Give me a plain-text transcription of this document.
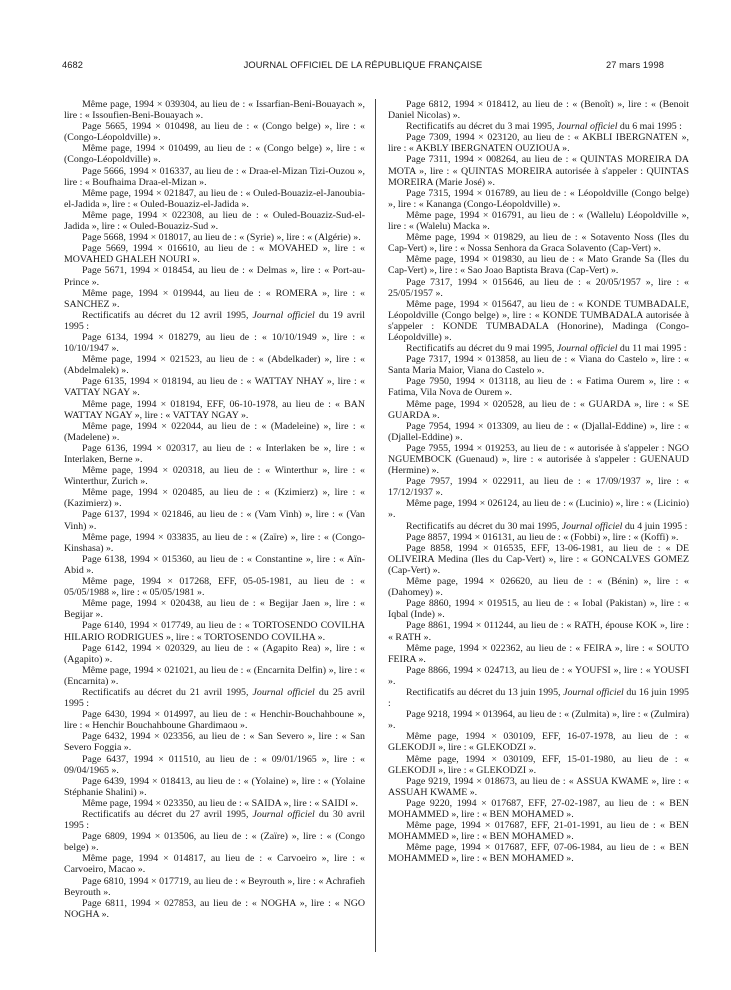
4682	JOURNAL OFFICIEL DE LA RÉPUBLIQUE FRANÇAISE	27 mars 1998

Même page, 1994 × 039304, au lieu de : « Issarfian-Beni-Bouayach », lire : « Issoufien-Beni-Bouayach ».

Page 5665, 1994 × 010498, au lieu de : « (Congo belge) », lire : « (Congo-Léopoldville) ».

Même page, 1994 × 010499, au lieu de : « (Congo belge) », lire : « (Congo-Léopoldville) ».

Page 5666, 1994 × 016337, au lieu de : « Draa-el-Mizan Tizi-Ouzou », lire : « Boufhaima Draa-el-Mizan ».

Même page, 1994 × 021847, au lieu de : « Ouled-Bouaziz-el-Janoubia-el-Jadida », lire : « Ouled-Bouaziz-el-Jadida ».

Même page, 1994 × 022308, au lieu de : « Ouled-Bouaziz-Sud-el-Jadida », lire : « Ouled-Bouaziz-Sud ».

Page 5668, 1994 × 018017, au lieu de : « (Syrie) », lire : « (Algérie) ».

Page 5669, 1994 × 016610, au lieu de : « MOVAHED », lire : « MOVAHED GHALEH NOURI ».

Page 5671, 1994 × 018454, au lieu de : « Delmas », lire : « Port-au-Prince ».

Même page, 1994 × 019944, au lieu de : « ROMERA », lire : « SANCHEZ ».

Rectificatifs au décret du 12 avril 1995, Journal officiel du 19 avril 1995 :

Page 6134, 1994 × 018279, au lieu de : « 10/10/1949 », lire : « 10/10/1947 ».

Même page, 1994 × 021523, au lieu de : « (Abdelkader) », lire : « (Abdelmalek) ».

Page 6135, 1994 × 018194, au lieu de : « WATTAY NHAY », lire : « VATTAY NGAY ».

Même page, 1994 × 018194, EFF, 06-10-1978, au lieu de : « BAN WATTAY NGAY », lire : « VATTAY NGAY ».

Même page, 1994 × 022044, au lieu de : « (Madeleine) », lire : « (Madelene) ».

Page 6136, 1994 × 020317, au lieu de : « Interlaken be », lire : « Interlaken, Berne ».

Même page, 1994 × 020318, au lieu de : « Winterthur », lire : « Winterthur, Zurich ».

Même page, 1994 × 020485, au lieu de : « (Kzimierz) », lire : « (Kazimierz) ».

Page 6137, 1994 × 021846, au lieu de : « (Vam Vinh) », lire : « (Van Vinh) ».

Même page, 1994 × 033835, au lieu de : « (Zaïre) », lire : « (Congo-Kinshasa) ».

Page 6138, 1994 × 015360, au lieu de : « Constantine », lire : « Aïn-Abid ».

Même page, 1994 × 017268, EFF, 05-05-1981, au lieu de : « 05/05/1988 », lire : « 05/05/1981 ».

Même page, 1994 × 020438, au lieu de : « Begijar Jaen », lire : « Begijar ».

Page 6140, 1994 × 017749, au lieu de : « TORTOSENDO COVILHA HILARIO RODRIGUES », lire : « TORTOSENDO COVILHA ».

Page 6142, 1994 × 020329, au lieu de : « (Agapito Rea) », lire : « (Agapito) ».

Même page, 1994 × 021021, au lieu de : « (Encarnita Delfin) », lire : « (Encarnita) ».

Rectificatifs au décret du 21 avril 1995, Journal officiel du 25 avril 1995 :

Page 6430, 1994 × 014997, au lieu de : « Henchir-Bouchahboune », lire : « Henchir Bouchahboune Ghardimaou ».

Page 6432, 1994 × 023356, au lieu de : « San Severo », lire : « San Severo Foggia ».

Page 6437, 1994 × 011510, au lieu de : « 09/01/1965 », lire : « 09/04/1965 ».

Page 6439, 1994 × 018413, au lieu de : « (Yolaine) », lire : « (Yolaine Stéphanie Shalini) ».

Même page, 1994 × 023350, au lieu de : « SAIDA », lire : « SAIDI ».

Rectificatifs au décret du 27 avril 1995, Journal officiel du 30 avril 1995 :

Page 6809, 1994 × 013506, au lieu de : « (Zaïre) », lire : « (Congo belge) ».

Même page, 1994 × 014817, au lieu de : « Carvoeiro », lire : « Carvoeiro, Macao ».

Page 6810, 1994 × 017719, au lieu de : « Beyrouth », lire : « Achrafieh Beyrouth ».

Page 6811, 1994 × 027853, au lieu de : « NOGHA », lire : « NGO NOGHA ».

Page 6812, 1994 × 018412, au lieu de : « (Benoît) », lire : « (Benoit Daniel Nicolas) ».

Rectificatifs au décret du 3 mai 1995, Journal officiel du 6 mai 1995 :

Page 7309, 1994 × 023120, au lieu de : « AKBLI IBERGNATEN », lire : « AKBLY IBERGNATEN OUZIOUA ».

Page 7311, 1994 × 008264, au lieu de : « QUINTAS MOREIRA DA MOTA », lire : « QUINTAS MOREIRA autorisée à s'appeler : QUINTAS MOREIRA (Marie José) ».

Page 7315, 1994 × 016789, au lieu de : « Léopoldville (Congo belge) », lire : « Kananga (Congo-Léopoldville) ».

Même page, 1994 × 016791, au lieu de : « (Wallelu) Léopoldville », lire : « (Walelu) Macka ».

Même page, 1994 × 019829, au lieu de : « Sotavento Noss (Iles du Cap-Vert) », lire : « Nossa Senhora da Graca Solavento (Cap-Vert) ».

Même page, 1994 × 019830, au lieu de : « Mato Grande Sa (Iles du Cap-Vert) », lire : « Sao Joao Baptista Brava (Cap-Vert) ».

Page 7317, 1994 × 015646, au lieu de : « 20/05/1957 », lire : « 25/05/1957 ».

Même page, 1994 × 015647, au lieu de : « KONDE TUMBADALE, Léopoldville (Congo belge) », lire : « KONDE TUMBADALA autorisée à s'appeler : KONDE TUMBADALA (Honorine), Madinga (Congo-Léopoldville) ».

Rectificatifs au décret du 9 mai 1995, Journal officiel du 11 mai 1995 :

Page 7317, 1994 × 013858, au lieu de : « Viana do Castelo », lire : « Santa Maria Maior, Viana do Castelo ».

Page 7950, 1994 × 013118, au lieu de : « Fatima Ourem », lire : « Fatima, Vila Nova de Ourem ».

Même page, 1994 × 020528, au lieu de : « GUARDA », lire : « SE GUARDA ».

Page 7954, 1994 × 013309, au lieu de : « (Djallal-Eddine) », lire : « (Djallel-Eddine) ».

Page 7955, 1994 × 019253, au lieu de : « autorisée à s'appeler : NGO NGUEMBOCK (Guenaud) », lire : « autorisée à s'appeler : GUENAUD (Hermine) ».

Page 7957, 1994 × 022911, au lieu de : « 17/09/1937 », lire : « 17/12/1937 ».

Même page, 1994 × 026124, au lieu de : « (Lucinio) », lire : « (Licinio) ».

Rectificatifs au décret du 30 mai 1995, Journal officiel du 4 juin 1995 :

Page 8857, 1994 × 016131, au lieu de : « (Fobbi) », lire : « (Koffi) ».

Page 8858, 1994 × 016535, EFF, 13-06-1981, au lieu de : « DE OLIVEIRA Medina (Iles du Cap-Vert) », lire : « GONCALVES GOMEZ (Cap-Vert) ».

Même page, 1994 × 026620, au lieu de : « (Bénin) », lire : « (Dahomey) ».

Page 8860, 1994 × 019515, au lieu de : « Iobal (Pakistan) », lire : « Iqbal (Inde) ».

Page 8861, 1994 × 011244, au lieu de : « RATH, épouse KOK », lire : « RATH ».

Même page, 1994 × 022362, au lieu de : « FEIRA », lire : « SOUTO FEIRA ».

Page 8866, 1994 × 024713, au lieu de : « YOUFSI », lire : « YOUSFI ».

Rectificatifs au décret du 13 juin 1995, Journal officiel du 16 juin 1995 :

Page 9218, 1994 × 013964, au lieu de : « (Zulmita) », lire : « (Zulmira) ».

Même page, 1994 × 030109, EFF, 16-07-1978, au lieu de : « GLEKODJI », lire : « GLEKODZI ».

Même page, 1994 × 030109, EFF, 15-01-1980, au lieu de : « GLEKODJI », lire : « GLEKODZI ».

Page 9219, 1994 × 018673, au lieu de : « ASSUA KWAME », lire : « ASSUAH KWAME ».

Page 9220, 1994 × 017687, EFF, 27-02-1987, au lieu de : « BEN MOHAMMED », lire : « BEN MOHAMED ».

Même page, 1994 × 017687, EFF, 21-01-1991, au lieu de : « BEN MOHAMMED », lire : « BEN MOHAMED ».

Même page, 1994 × 017687, EFF, 07-06-1984, au lieu de : « BEN MOHAMMED », lire : « BEN MOHAMED ».
